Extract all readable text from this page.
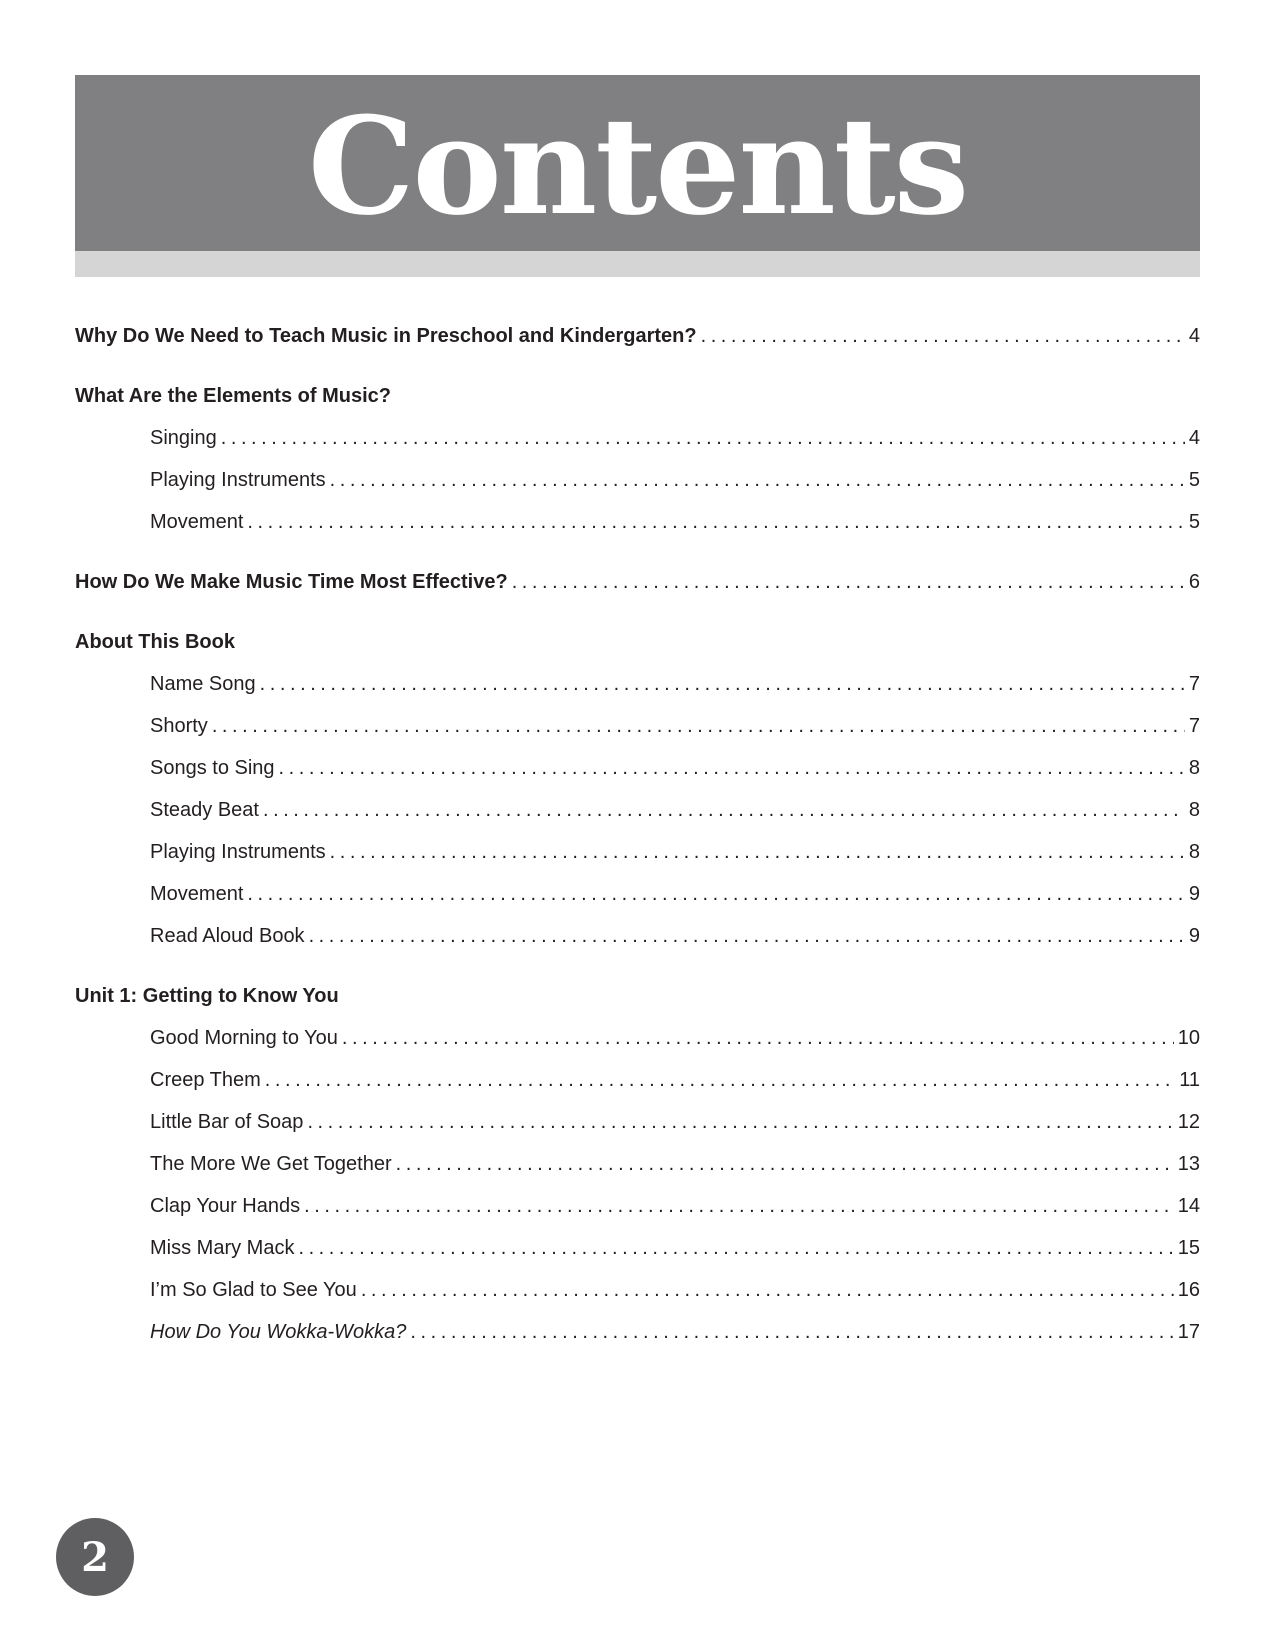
Contents
Why Do We Need to Teach Music in Preschool and Kindergarten? . . .	4
What Are the Elements of Music?
Singing . . .	4
Playing Instruments . . .	5
Movement . . .	5
How Do We Make Music Time Most Effective? . . .	6
About This Book
Name Song . . .	7
Shorty . . .	7
Songs to Sing . . .	8
Steady Beat . . .	8
Playing Instruments . . .	8
Movement . . .	9
Read Aloud Book . . .	9
Unit 1: Getting to Know You
Good Morning to You . . .	10
Creep Them . . .	11
Little Bar of Soap . . .	12
The More We Get Together . . .	13
Clap Your Hands . . .	14
Miss Mary Mack . . .	15
I’m So Glad to See You . . .	16
How Do You Wokka-Wokka? . . .	17
2
